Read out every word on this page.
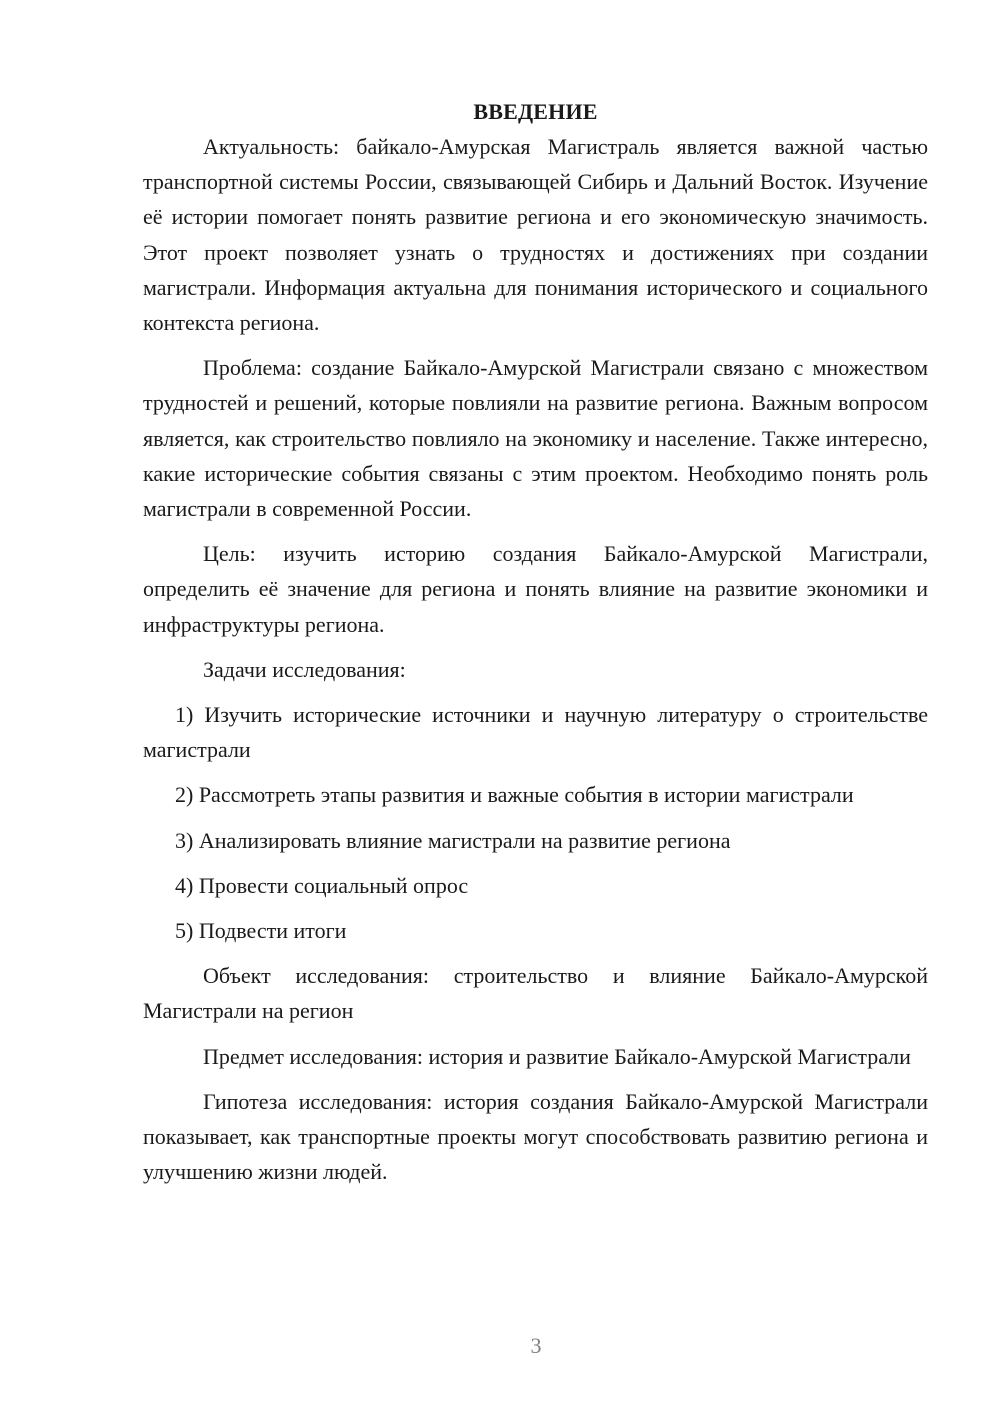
ВВЕДЕНИЕ

Актуальность: байкало-Амурская Магистраль является важной частью транспортной системы России, связывающей Сибирь и Дальний Восток. Изучение её истории помогает понять развитие региона и его экономическую значимость. Этот проект позволяет узнать о трудностях и достижениях при создании магистрали. Информация актуальна для понимания исторического и социального контекста региона.

Проблема: создание Байкало-Амурской Магистрали связано с множеством трудностей и решений, которые повлияли на развитие региона. Важным вопросом является, как строительство повлияло на экономику и население. Также интересно, какие исторические события связаны с этим проектом. Необходимо понять роль магистрали в современной России.

Цель: изучить историю создания Байкало-Амурской Магистрали, определить её значение для региона и понять влияние на развитие экономики и инфраструктуры региона.

Задачи исследования:

1) Изучить исторические источники и научную литературу о строительстве магистрали

2) Рассмотреть этапы развития и важные события в истории магистрали

3) Анализировать влияние магистрали на развитие региона

4) Провести социальный опрос

5) Подвести итоги

Объект исследования: строительство и влияние Байкало-Амурской Магистрали на регион

Предмет исследования: история и развитие Байкало-Амурской Магистрали

Гипотеза исследования: история создания Байкало-Амурской Магистрали показывает, как транспортные проекты могут способствовать развитию региона и улучшению жизни людей.

3
